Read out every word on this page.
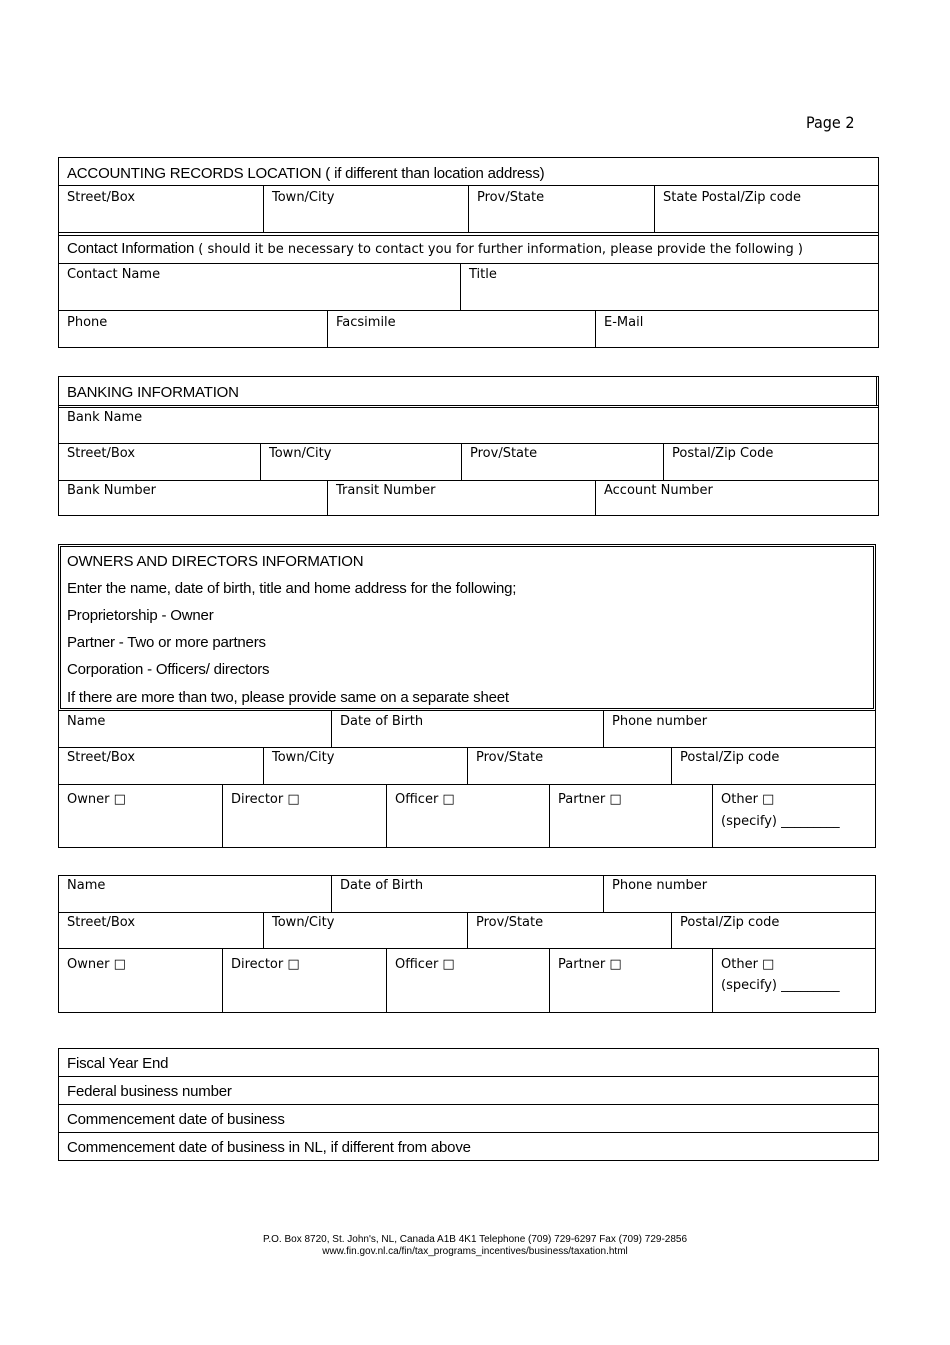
Page 2
ACCOUNTING RECORDS LOCATION ( if different than location address)
Street/Box	Town/City	Prov/State	State Postal/Zip code
Contact Information ( should it be necessary to contact you for further information, please provide the following )
Contact Name	Title
Phone	Facsimile	E-Mail
BANKING INFORMATION
Bank Name
Street/Box	Town/City	Prov/State	Postal/Zip Code
Bank Number	Transit Number	Account Number
OWNERS AND DIRECTORS INFORMATION
Enter the name, date of birth, title and home address for the following;
Proprietorship - Owner
Partner - Two or more partners
Corporation - Officers/ directors
If there are more than two, please provide same on a separate sheet
Name	Date of Birth	Phone number
Street/Box	Town/City	Prov/State	Postal/Zip code
Owner □	Director □	Officer □	Partner □	Other □
(specify) _________
Name	Date of Birth	Phone number
Street/Box	Town/City	Prov/State	Postal/Zip code
Owner □	Director □	Officer □	Partner □	Other □
(specify) _________
Fiscal Year End
Federal business number
Commencement date of business
Commencement date of business in NL, if different from above
P.O. Box 8720, St. John's, NL, Canada A1B 4K1 Telephone (709) 729-6297 Fax (709) 729-2856
www.fin.gov.nl.ca/fin/tax_programs_incentives/business/taxation.html
